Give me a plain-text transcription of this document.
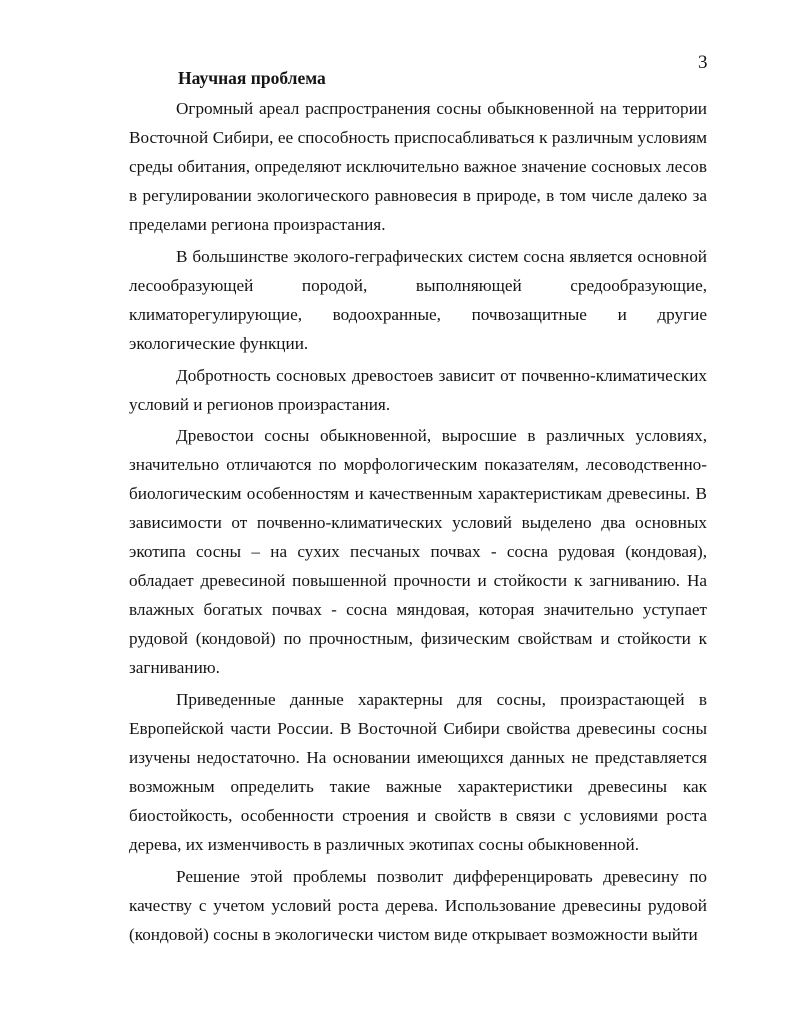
3
Научная проблема

Огромный ареал распространения сосны обыкновенной на территории Восточной Сибири, ее способность приспосабливаться к различным условиям среды обитания, определяют исключительно важное значение сосновых лесов в регулировании экологического равновесия в природе, в том числе далеко за пределами региона произрастания.

В большинстве эколого-геграфических систем сосна является основной лесообразующей породой, выполняющей средообразующие, климаторегулирующие, водоохранные, почвозащитные и другие экологические функции.

Добротность сосновых древостоев зависит от почвенно-климатических условий и регионов произрастания.

Древостои сосны обыкновенной, выросшие в различных условиях, значительно отличаются по морфологическим показателям, лесоводственно-биологическим особенностям и качественным характеристикам древесины. В зависимости от почвенно-климатических условий выделено два основных экотипа сосны – на сухих песчаных почвах - сосна рудовая (кондовая), обладает древесиной повышенной прочности и стойкости к загниванию. На влажных богатых почвах - сосна мяндовая, которая значительно уступает рудовой (кондовой) по прочностным, физическим свойствам и стойкости к загниванию.

Приведенные данные характерны для сосны, произрастающей в Европейской части России. В Восточной Сибири свойства древесины сосны изучены недостаточно. На основании имеющихся данных не представляется возможным определить такие важные характеристики древесины как биостойкость, особенности строения и свойств в связи с условиями роста дерева, их изменчивость в различных экотипах сосны обыкновенной.

Решение этой проблемы позволит дифференцировать древесину по качеству с учетом условий роста дерева. Использование древесины рудовой (кондовой) сосны в экологически чистом виде открывает возможности выйти
